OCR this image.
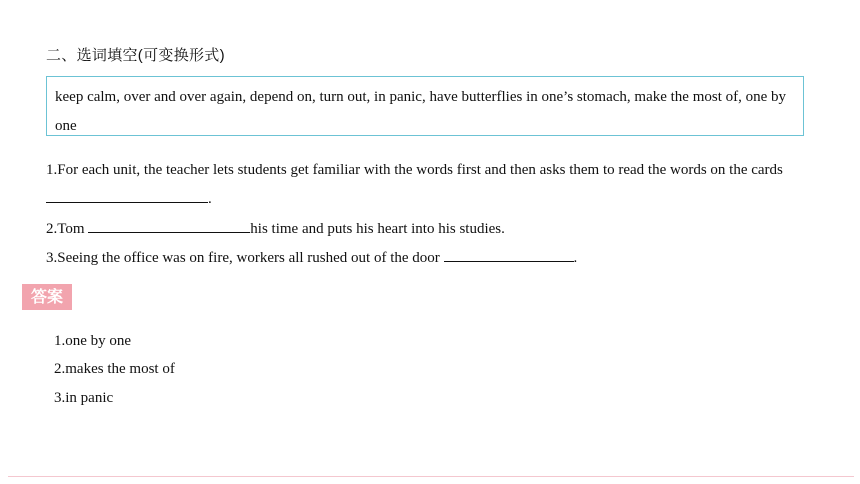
二、选词填空(可变换形式)
keep calm, over and over again, depend on, turn out, in panic, have butterflies in one’s stomach, make the most of, one by one
1.For each unit, the teacher lets students get familiar with the words first and then asks them to read the words on the cards .
2.Tom	his time and puts his heart into his studies.
3.Seeing the office was on fire, workers all rushed out of the door	.
答案
1.one by one
2.makes the most of
3.in panic
